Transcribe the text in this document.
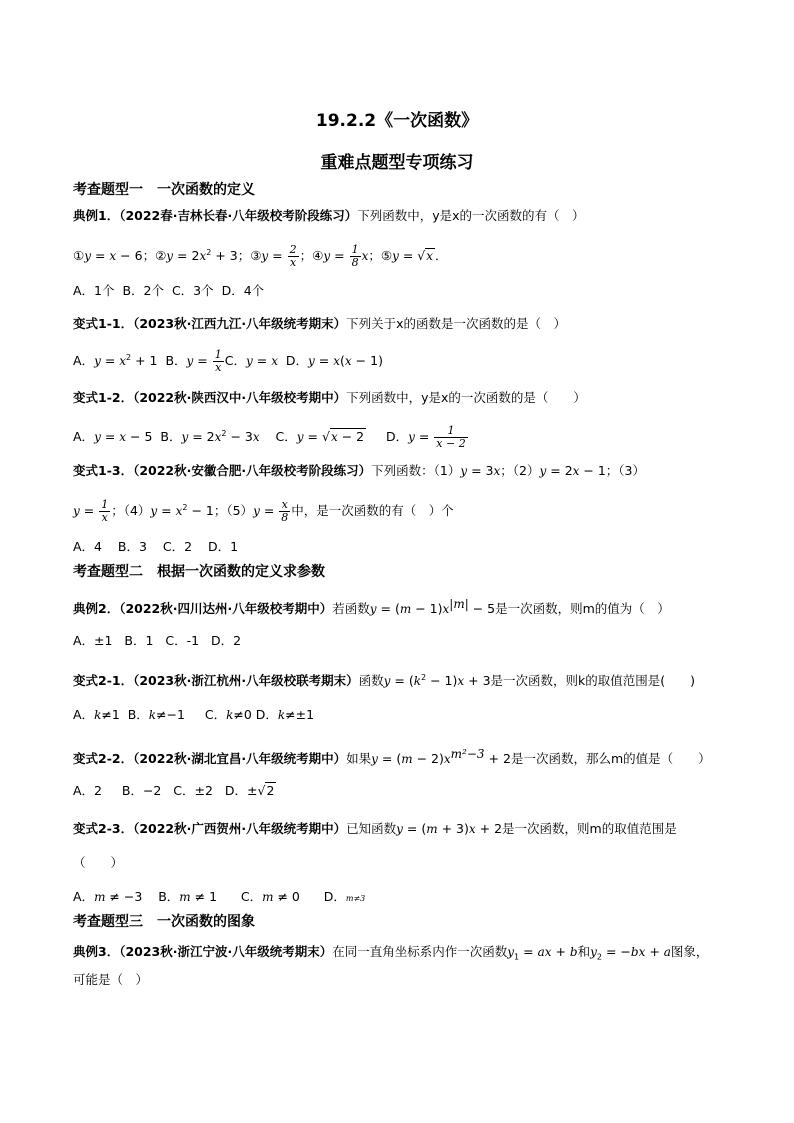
19.2.2《一次函数》
重难点题型专项练习
考查题型一　一次函数的定义
典例1．（2022春·吉林长春·八年级校考阶段练习）下列函数中，y是x的一次函数的有（　）
①y = x − 6；②y = $2x^2 + 3$；③y = $\frac{2}{x}$ ；④y = $\frac{1}{8}$ x；⑤y = √x ．
A．1个 B．2个 C．3个 D．4个
变式1-1．（2023秋·江西九江·八年级统考期末）下列关于x的函数是一次函数的是（　）
A．$y = x^2 + 1$  B．$y = \frac{1}{x}$ C．y = x  D．y = x(x − 1)
变式1-2．（2022秋·陕西汉中·八年级校考期中）下列函数中，y是x的一次函数的是（　　）
A．y = x − 5  B．$y = 2x^2 - 3x$    C．y = √x − 2     D．$y = \frac{1}{x - 2}$
变式1-3．（2022秋·安徽合肥·八年级校考阶段练习）下列函数：（1）y = 3x；（2）y = 2x − 1；（3）
$y = \frac{1}{x}$ ；$(4)y = x^2 - 1$；$(5)y = \frac{x}{8}$ 中，是一次函数的有（　）个
A．4 B．3 C．2 D．1
考查题型二　根据一次函数的定义求参数
典例2．（2022秋·四川达州·八年级校考期中）若函数$y = (m - 1)x^{|m|} - 5$是一次函数，则m的值为（　）
A．±1 B．1 C．-1 D．2
变式2-1．（2023秋·浙江杭州·八年级校联考期末）函数$y = (k^2 - 1)x + 3$是一次函数，则k的取值范围是(　　)
A．k≠1  B．k≠−1     C．k≠0 D．k≠±1
变式2-2．（2022秋·湖北宜昌·八年级统考期中）如果$y = (m - 2)x^{m^2-3} + 2$是一次函数，那么m的值是（　　）
A．2     B．−2   C．±2   D．±√2
变式2-3．（2022秋·广西贺州·八年级统考期中）已知函数y = (m + 3)x + 2是一次函数，则m的取值范围是
（　　）
A．m ≠ −3    B．m ≠ 1      C．m ≠ 0      D．m≠3
考查题型三　一次函数的图象
典例3．（2023秋·浙江宁波·八年级统考期末）在同一直角坐标系内作一次函数$y_1$ = ax + b和$y_2 = -bx + a$图象，
可能是（　）
